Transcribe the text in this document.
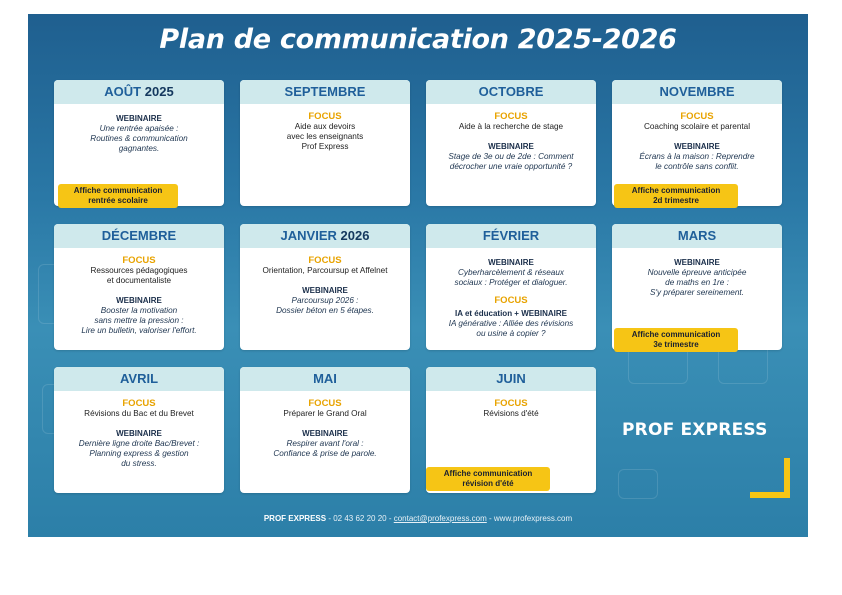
Plan de communication 2025-2026
AOÛT 2025
WEBINAIRE
Une rentrée apaisée :
Routines & communication
gagnantes.
Affiche communication
rentrée scolaire
SEPTEMBRE
FOCUS
Aide aux devoirs
avec les enseignants
Prof Express
OCTOBRE
FOCUS
Aide à la recherche de stage
WEBINAIRE
Stage de 3e ou de 2de : Comment
décrocher une vraie opportunité ?
NOVEMBRE
FOCUS
Coaching scolaire et parental
WEBINAIRE
Écrans à la maison : Reprendre
le contrôle sans conflit.
Affiche communication
2d trimestre
DÉCEMBRE
FOCUS
Ressources pédagogiques
et documentaliste
WEBINAIRE
Booster la motivation
sans mettre la pression :
Lire un bulletin, valoriser l'effort.
JANVIER 2026
FOCUS
Orientation, Parcoursup et Affelnet
WEBINAIRE
Parcoursup 2026 :
Dossier béton en 5 étapes.
FÉVRIER
WEBINAIRE
Cyberharcèlement & réseaux
sociaux : Protéger et dialoguer.
FOCUS
IA et éducation + WEBINAIRE
IA générative : Alliée des révisions
ou usine à copier ?
MARS
WEBINAIRE
Nouvelle épreuve anticipée
de maths en 1re :
S'y préparer sereinement.
Affiche communication
3e trimestre
AVRIL
FOCUS
Révisions du Bac et du Brevet
WEBINAIRE
Dernière ligne droite Bac/Brevet :
Planning express & gestion
du stress.
MAI
FOCUS
Préparer le Grand Oral
WEBINAIRE
Respirer avant l'oral :
Confiance & prise de parole.
JUIN
FOCUS
Révisions d'été
Affiche communication
révision d'été
PROF EXPRESS
PROF EXPRESS - 02 43 62 20 20 - contact@profexpress.com - www.profexpress.com
